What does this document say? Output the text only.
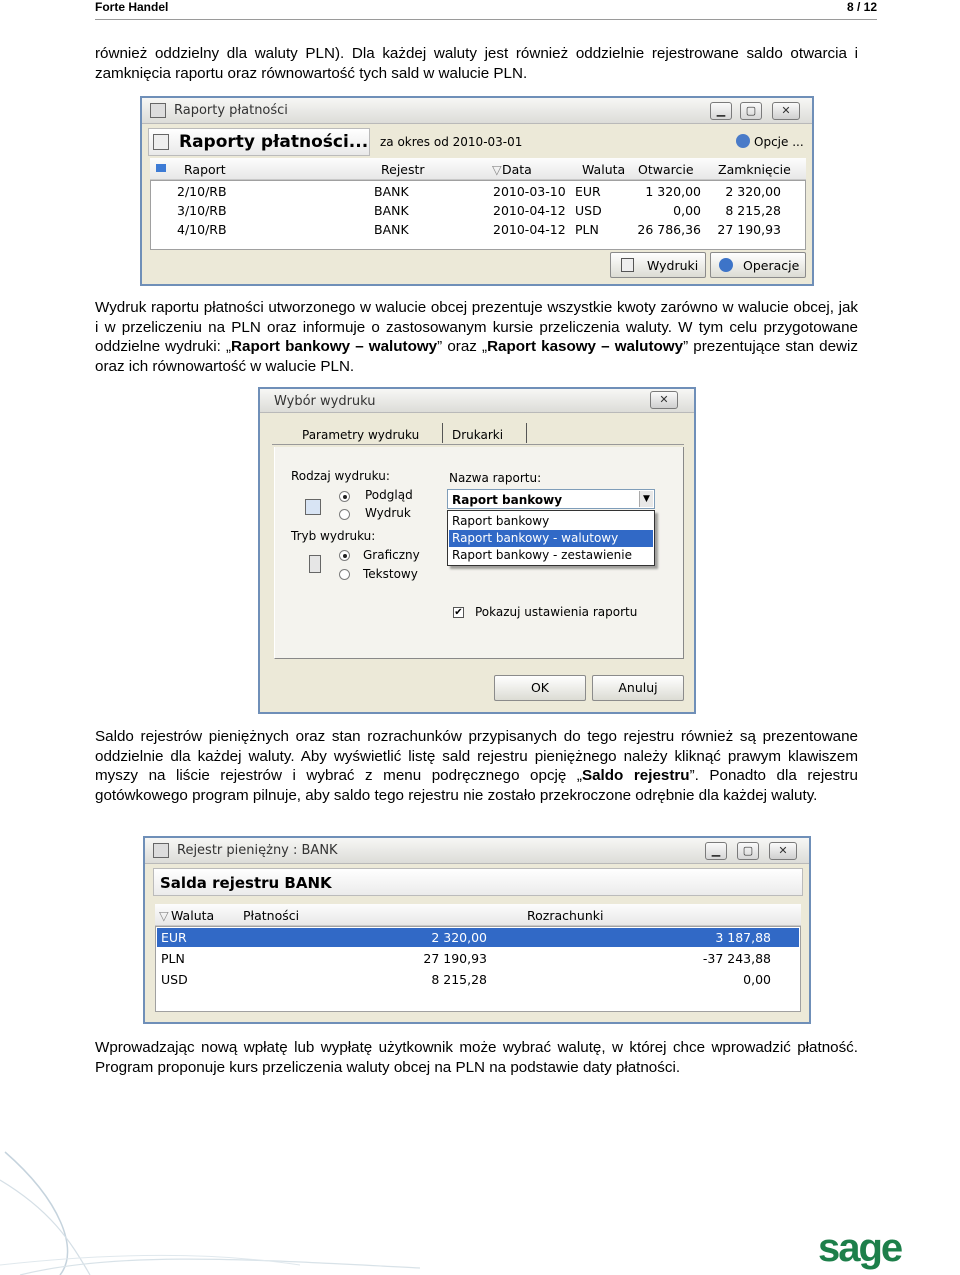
Forte Handel	8 / 12

również oddzielny dla waluty PLN). Dla każdej waluty jest również oddzielnie rejestrowane saldo otwarcia i zamknięcia raportu oraz równowartość tych sald w walucie PLN.

Raporty płatności	▁	▢	✕
Raporty płatności... za okres od 2010-03-01	Opcje ...
Raport	Rejestr	▽ Data	Waluta Otwarcie Zamknięcie
2/10/RB	BANK	2010-03-10 EUR	1 320,00	2 320,00
3/10/RB	BANK	2010-04-12 USD	0,00	8 215,28
4/10/RB	BANK	2010-04-12 PLN	26 786,36	27 190,93
Wydruki	Operacje

Wydruk raportu płatności utworzonego w walucie obcej prezentuje wszystkie kwoty zarówno w walucie obcej, jak i w przeliczeniu na PLN oraz informuje o zastosowanym kursie przeliczenia waluty. W tym celu przygotowane oddzielne wydruki: „Raport bankowy – walutowy” oraz „Raport kasowy – walutowy” prezentujące stan dewiz oraz ich równowartość w walucie PLN.

Wybór wydruku	✕
Parametry wydruku	Drukarki
Rodzaj wydruku:
Podgląd
Wydruk
Tryb wydruku:
Graficzny
Tekstowy
Nazwa raportu:
Raport bankowy	▼
Raport bankowy
Raport bankowy - walutowy
Raport bankowy - zestawienie
✔ Pokazuj ustawienia raportu
OK	Anuluj

Saldo rejestrów pieniężnych oraz stan rozrachunków przypisanych do tego rejestru również są prezentowane oddzielnie dla każdej waluty. Aby wyświetlić listę sald rejestru pieniężnego należy kliknąć prawym klawiszem myszy na liście rejestrów i wybrać z menu podręcznego opcję „Saldo rejestru”. Ponadto dla rejestru gotówkowego program pilnuje, aby saldo tego rejestru nie zostało przekroczone odrębnie dla każdej waluty.

Rejestr pieniężny : BANK	▁	▢	✕
Salda rejestru BANK
▽ Waluta Płatności	Rozrachunki
EUR	2 320,00	3 187,88
PLN	27 190,93	-37 243,88
USD	8 215,28	0,00

Wprowadzając nową wpłatę lub wypłatę użytkownik może wybrać walutę, w której chce wprowadzić płatność. Program proponuje kurs przeliczenia waluty obcej na PLN na podstawie daty płatności.

sage
